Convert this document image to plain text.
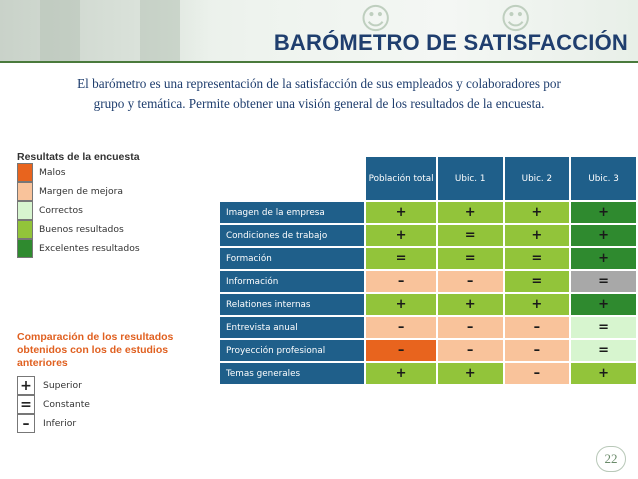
☺	☺
BARÓMETRO DE SATISFACCIÓN
El barómetro es una representación de la satisfacción de sus empleados y colaboradores por
grupo y temática. Permite obtener una visión general de los resultados de la encuesta.
Resultats de la encuesta
Malos
Margen de mejora
Correctos
Buenos resultados
Excelentes resultados
Comparación de los resultados obtenidos con los de estudios anteriores
+	Superior
=	Constante
–	Inferior
	Población total	Ubic. 1	Ubic. 2	Ubic. 3
Imagen de la empresa	+	+	+	+
Condiciones de trabajo	+	=	+	+
Formación	=	=	=	+
Información	–	–	=	=
Relationes internas	+	+	+	+
Entrevista anual	–	–	–	=
Proyección profesional	–	–	–	=
Temas generales	+	+	–	+
22
